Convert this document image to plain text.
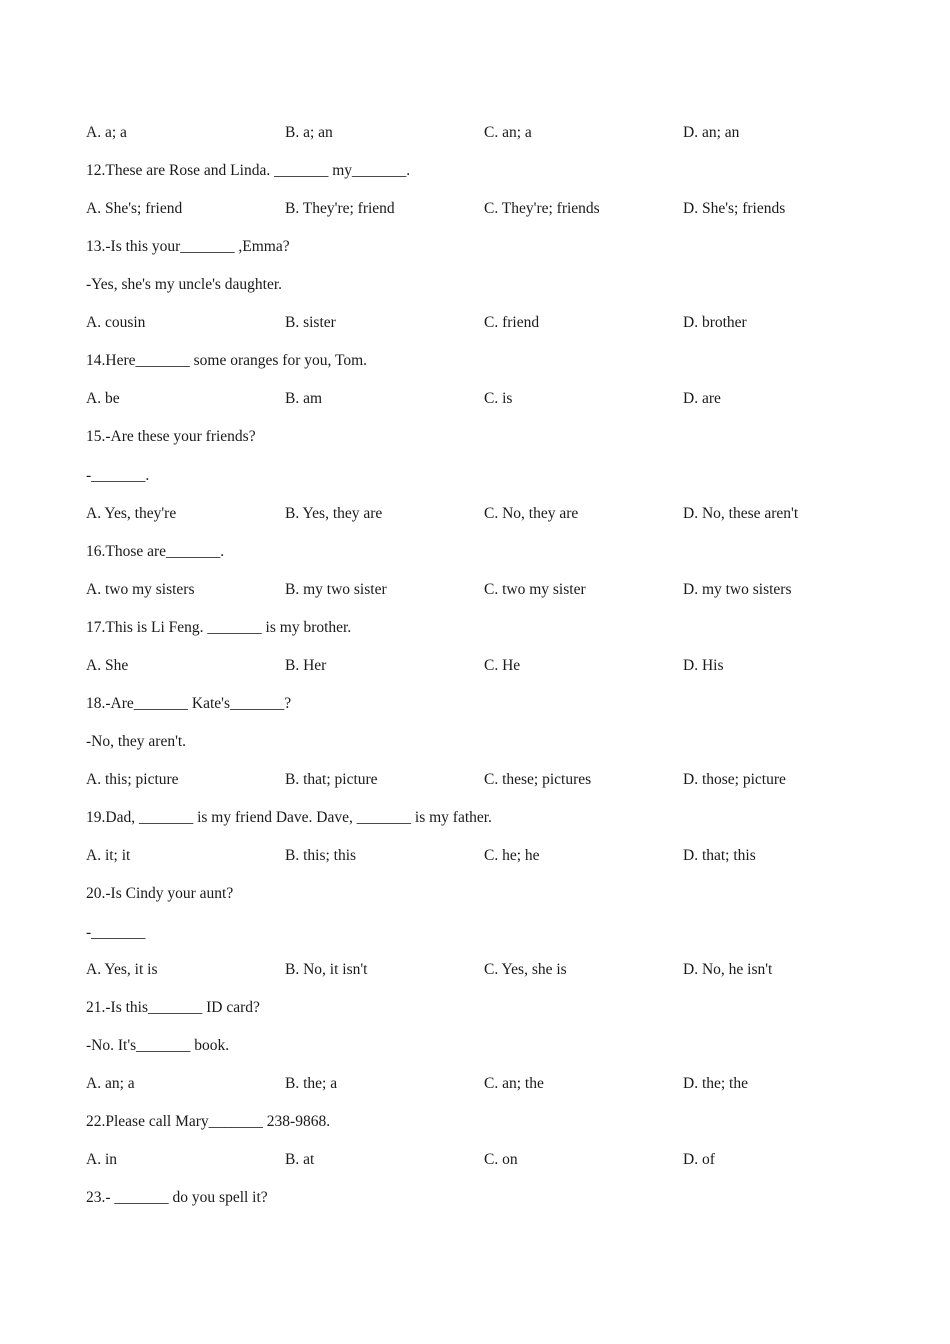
A. a; a

	B. a; an

	C. an; a

	D. an; an

12.These are Rose and Linda. _______ my_______.

A. She's; friend

	B. They're; friend

	C. They're; friends

	D. She's; friends

13.-Is this your_______ ,Emma?
-Yes, she's my uncle's daughter.

A. cousin

	B. sister

	C. friend

	D. brother

14.Here_______ some oranges for you, Tom.

A. be

	B. am

	C. is

	D. are

15.-Are these your friends?
-_______.

A. Yes, they're

	B. Yes, they are

	C. No, they are

	D. No, these aren't

16.Those are_______.

A. two my sisters

	B. my two sister

	C. two my sister

	D. my two sisters

17.This is Li Feng. _______ is my brother.

A. She

	B. Her

	C. He

	D. His

18.-Are_______ Kate's_______?
-No, they aren't.

A. this; picture

	B. that; picture

	C. these; pictures

	D. those; picture

19.Dad, _______ is my friend Dave. Dave, _______ is my father.

A. it; it

	B. this; this

	C. he; he

	D. that; this

20.-Is Cindy your aunt?
-_______

A. Yes, it is

	B. No, it isn't

	C. Yes, she is

	D. No, he isn't

21.-Is this_______ ID card?
-No. It's_______ book.

A. an; a

	B. the; a

	C. an; the

	D. the; the

22.Please call Mary_______ 238-9868.

A. in

	B. at

	C. on

	D. of

23.- _______ do you spell it?
